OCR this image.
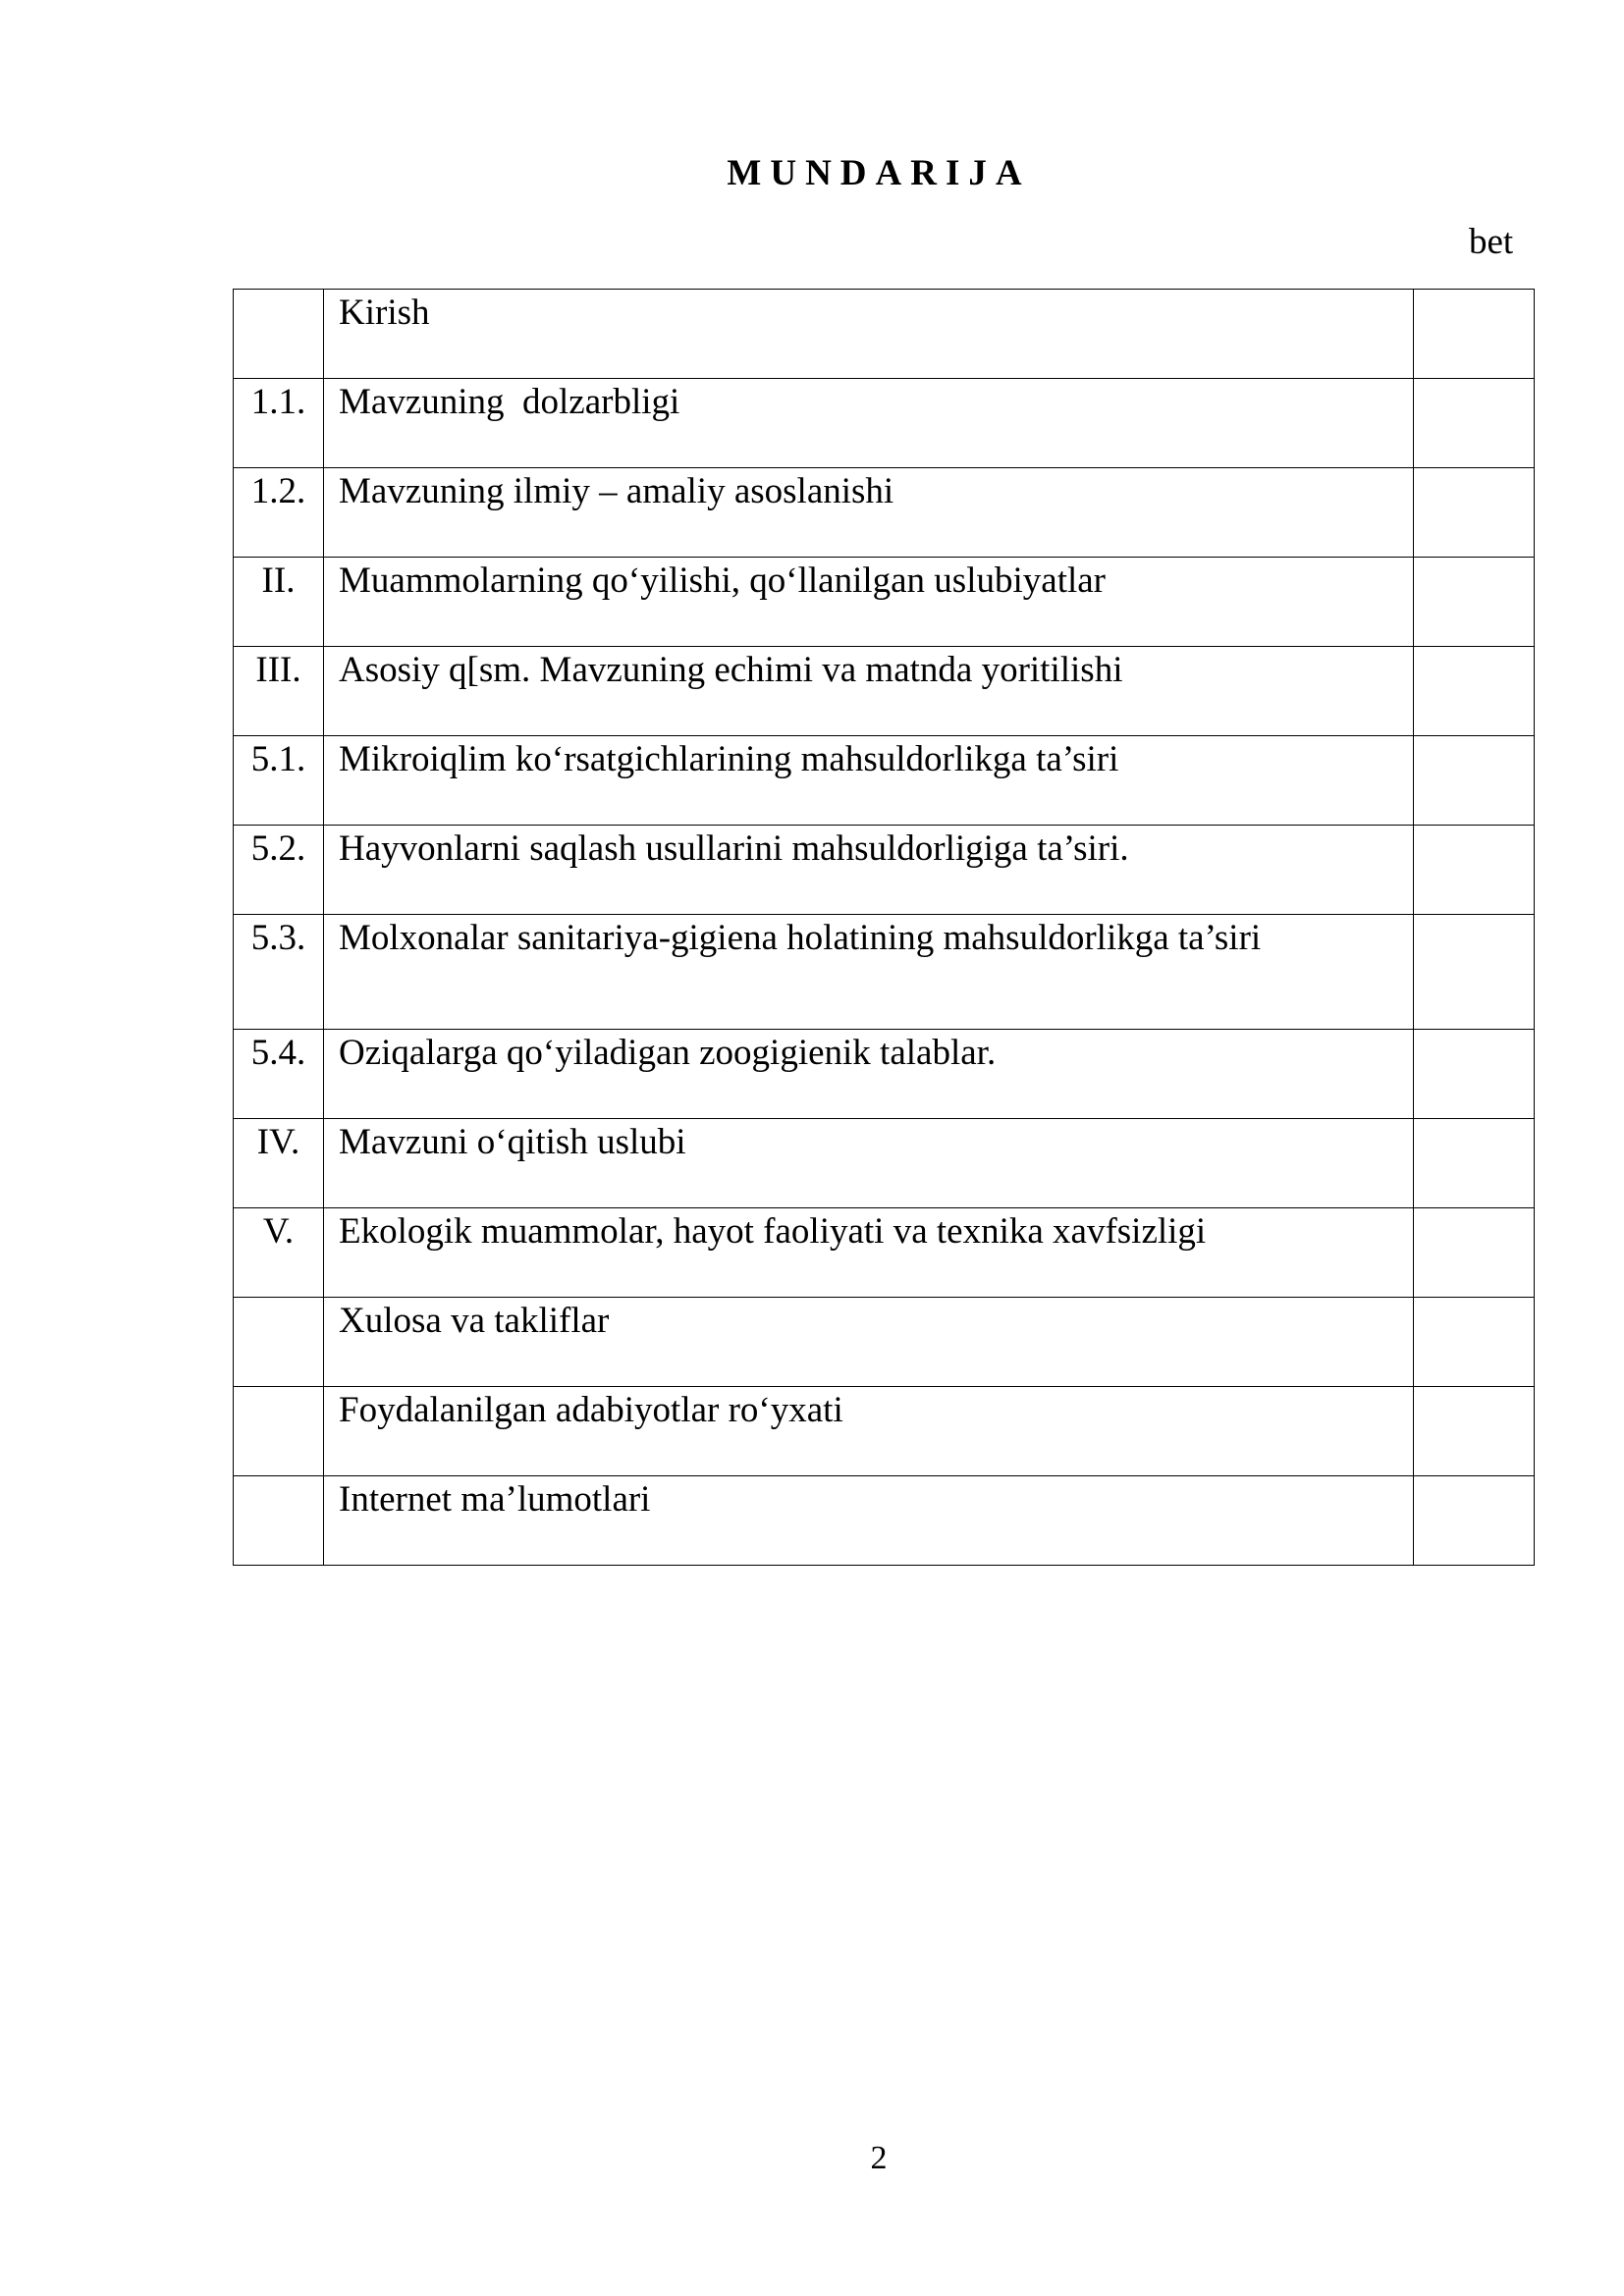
MUNDARIJA
bet
	Kirish	
1.1.	Mavzuning  dolzarbligi	
1.2.	Mavzuning ilmiy – amaliy asoslanishi	
II.	Muammolarning qo‘yilishi, qo‘llanilgan uslubiyatlar	
III.	Asosiy q[sm. Mavzuning echimi va matnda yoritilishi	
5.1.	Mikroiqlim ko‘rsatgichlarining mahsuldorlikga ta’siri	
5.2.	Hayvonlarni saqlash usullarini mahsuldorligiga ta’siri.	
5.3.	Molxonalar sanitariya-gigiena holatining mahsuldorlikga ta’siri	
5.4.	Oziqalarga qo‘yiladigan zoogigienik talablar.	
IV.	Mavzuni o‘qitish uslubi	
V.	Ekologik muammolar, hayot faoliyati va texnika xavfsizligi	
	Xulosa va takliflar	
	Foydalanilgan adabiyotlar ro‘yxati	
	Internet ma’lumotlari	
2
